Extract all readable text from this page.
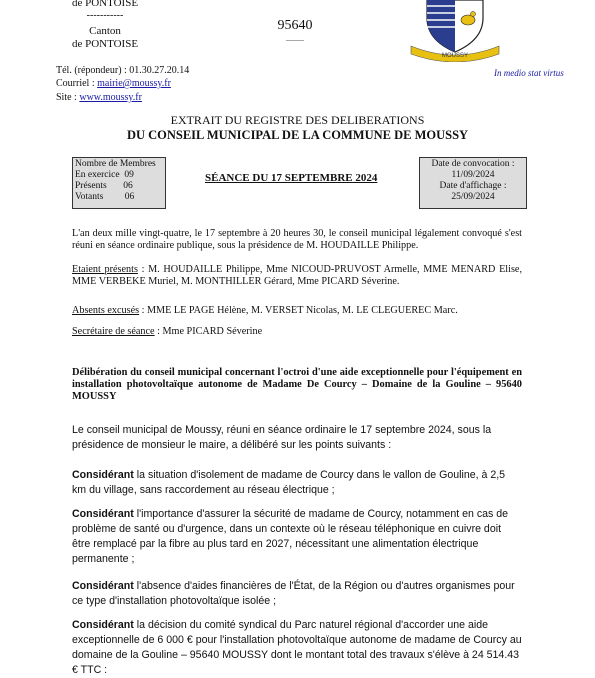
de PONTOISE
-----------
Canton
de PONTOISE
Tél. (répondeur) : 01.30.27.20.14
Courriel : mairie@moussy.fr
Site : www.moussy.fr
95640
MOUSSY
In medio stat virtus
EXTRAIT DU REGISTRE DES DELIBERATIONS
DU CONSEIL MUNICIPAL DE LA COMMUNE DE MOUSSY
Nombre de Membres
En exercice  09
Présents       06
Votants         06
SÉANCE DU 17 SEPTEMBRE 2024
Date de convocation :
11/09/2024
Date d'affichage :
25/09/2024
L'an deux mille vingt-quatre, le 17 septembre à 20 heures 30, le conseil municipal légalement convoqué s'est réuni en séance ordinaire publique, sous la présidence de M. HOUDAILLE Philippe.
Etaient présents : M. HOUDAILLE Philippe, Mme NICOUD-PRUVOST Armelle, MME MENARD Elise, MME VERBEKE Muriel, M. MONTHILLER Gérard, Mme PICARD Séverine.
Absents excusés : MME LE PAGE Hélène, M. VERSET Nicolas, M. LE CLEGUEREC Marc.
Secrétaire de séance : Mme PICARD Séverine
Délibération du conseil municipal concernant l'octroi d'une aide exceptionnelle pour l'équipement en installation photovoltaïque autonome de Madame De Courcy – Domaine de la Gouline – 95640 MOUSSY
Le conseil municipal de Moussy, réuni en séance ordinaire le 17 septembre 2024, sous la présidence de monsieur le maire, a délibéré sur les points suivants :
Considérant la situation d'isolement de madame de Courcy dans le vallon de Gouline, à 2,5 km du village, sans raccordement au réseau électrique ;
Considérant l'importance d'assurer la sécurité de madame de Courcy, notamment en cas de problème de santé ou d'urgence, dans un contexte où le réseau téléphonique en cuivre doit être remplacé par la fibre au plus tard en 2027, nécessitant une alimentation électrique permanente ;
Considérant l'absence d'aides financières de l'État, de la Région ou d'autres organismes pour ce type d'installation photovoltaïque isolée ;
Considérant la décision du comité syndical du Parc naturel régional d'accorder une aide exceptionnelle de 6 000 € pour l'installation photovoltaïque autonome de madame de Courcy au domaine de la Gouline – 95640 MOUSSY dont le montant total des travaux s'élève à 24 514.43 € TTC :
